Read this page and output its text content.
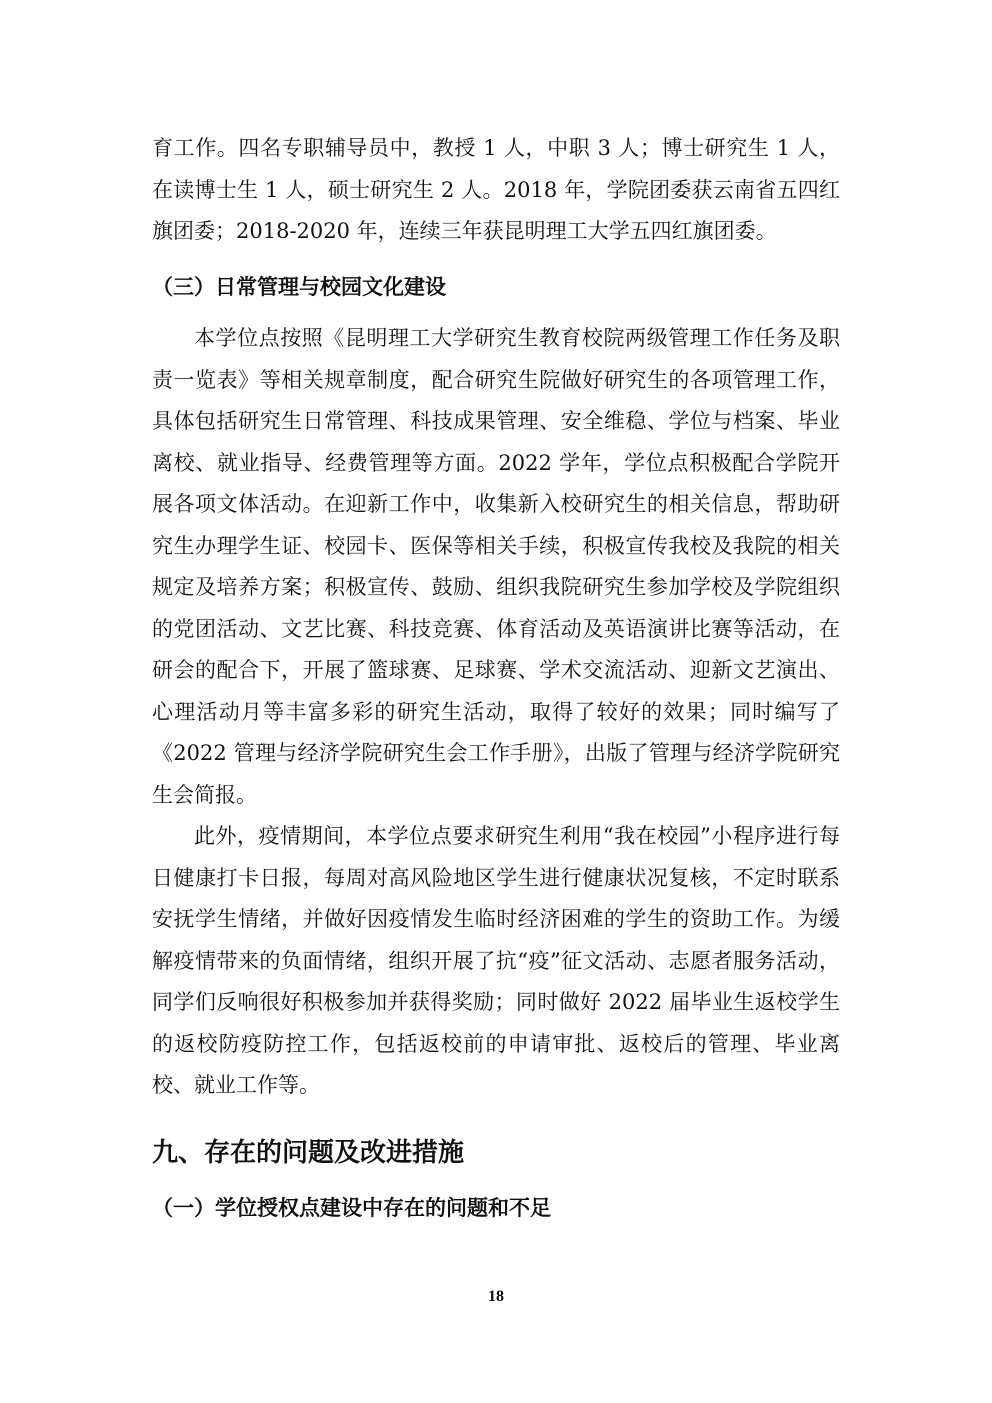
育工作。四名专职辅导员中，教授 1 人，中职 3 人；博士研究生 1 人，在读博士生 1 人，硕士研究生 2 人。2018 年，学院团委获云南省五四红旗团委；2018-2020 年，连续三年获昆明理工大学五四红旗团委。

（三）日常管理与校园文化建设

本学位点按照《昆明理工大学研究生教育校院两级管理工作任务及职责一览表》等相关规章制度，配合研究生院做好研究生的各项管理工作，具体包括研究生日常管理、科技成果管理、安全维稳、学位与档案、毕业离校、就业指导、经费管理等方面。2022 学年，学位点积极配合学院开展各项文体活动。在迎新工作中，收集新入校研究生的相关信息，帮助研究生办理学生证、校园卡、医保等相关手续，积极宣传我校及我院的相关规定及培养方案；积极宣传、鼓励、组织我院研究生参加学校及学院组织的党团活动、文艺比赛、科技竞赛、体育活动及英语演讲比赛等活动，在研会的配合下，开展了篮球赛、足球赛、学术交流活动、迎新文艺演出、心理活动月等丰富多彩的研究生活动，取得了较好的效果；同时编写了《2022 管理与经济学院研究生会工作手册》，出版了管理与经济学院研究生会简报。

此外，疫情期间，本学位点要求研究生利用“我在校园”小程序进行每日健康打卡日报，每周对高风险地区学生进行健康状况复核，不定时联系安抚学生情绪，并做好因疫情发生临时经济困难的学生的资助工作。为缓解疫情带来的负面情绪，组织开展了抗“疫”征文活动、志愿者服务活动，同学们反响很好积极参加并获得奖励；同时做好 2022 届毕业生返校学生的返校防疫防控工作，包括返校前的申请审批、返校后的管理、毕业离校、就业工作等。

九、存在的问题及改进措施
（一）学位授权点建设中存在的问题和不足
18
